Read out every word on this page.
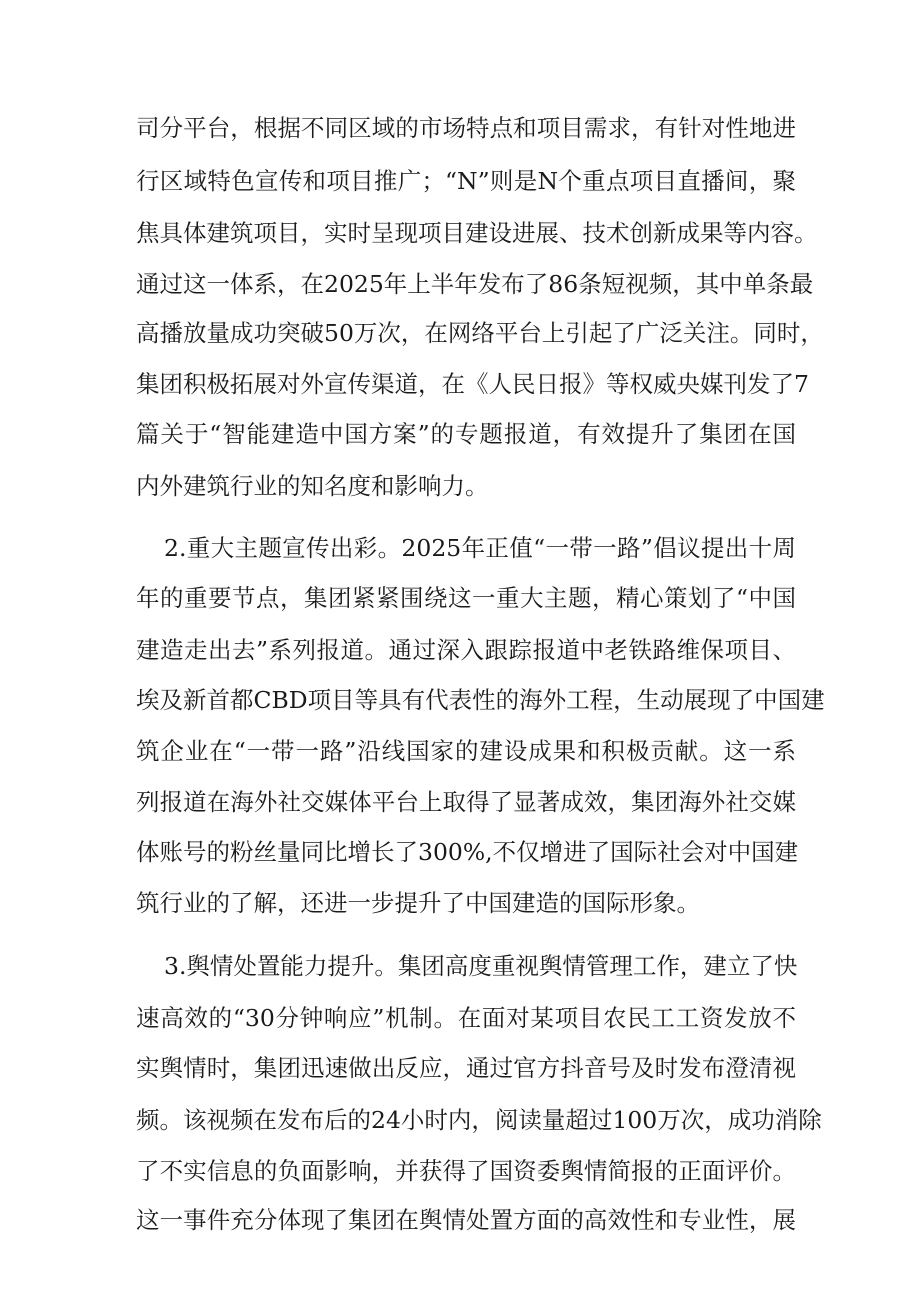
司分平台，根据不同区域的市场特点和项目需求，有针对性地进
行区域特色宣传和项目推广；“N”则是N个重点项目直播间，聚
焦具体建筑项目，实时呈现项目建设进展、技术创新成果等内容。
通过这一体系，在2025年上半年发布了86条短视频，其中单条最
高播放量成功突破50万次，在网络平台上引起了广泛关注。同时，
集团积极拓展对外宣传渠道，在《人民日报》等权威央媒刊发了7
篇关于“智能建造中国方案”的专题报道，有效提升了集团在国
内外建筑行业的知名度和影响力。
2.重大主题宣传出彩。2025年正值“一带一路”倡议提出十周
年的重要节点，集团紧紧围绕这一重大主题，精心策划了“中国
建造走出去”系列报道。通过深入跟踪报道中老铁路维保项目、
埃及新首都CBD项目等具有代表性的海外工程，生动展现了中国建
筑企业在“一带一路”沿线国家的建设成果和积极贡献。这一系
列报道在海外社交媒体平台上取得了显著成效，集团海外社交媒
体账号的粉丝量同比增长了300%,不仅增进了国际社会对中国建
筑行业的了解，还进一步提升了中国建造的国际形象。
3.舆情处置能力提升。集团高度重视舆情管理工作，建立了快
速高效的“30分钟响应”机制。在面对某项目农民工工资发放不
实舆情时，集团迅速做出反应，通过官方抖音号及时发布澄清视
频。该视频在发布后的24小时内，阅读量超过100万次，成功消除
了不实信息的负面影响，并获得了国资委舆情简报的正面评价。
这一事件充分体现了集团在舆情处置方面的高效性和专业性，展
